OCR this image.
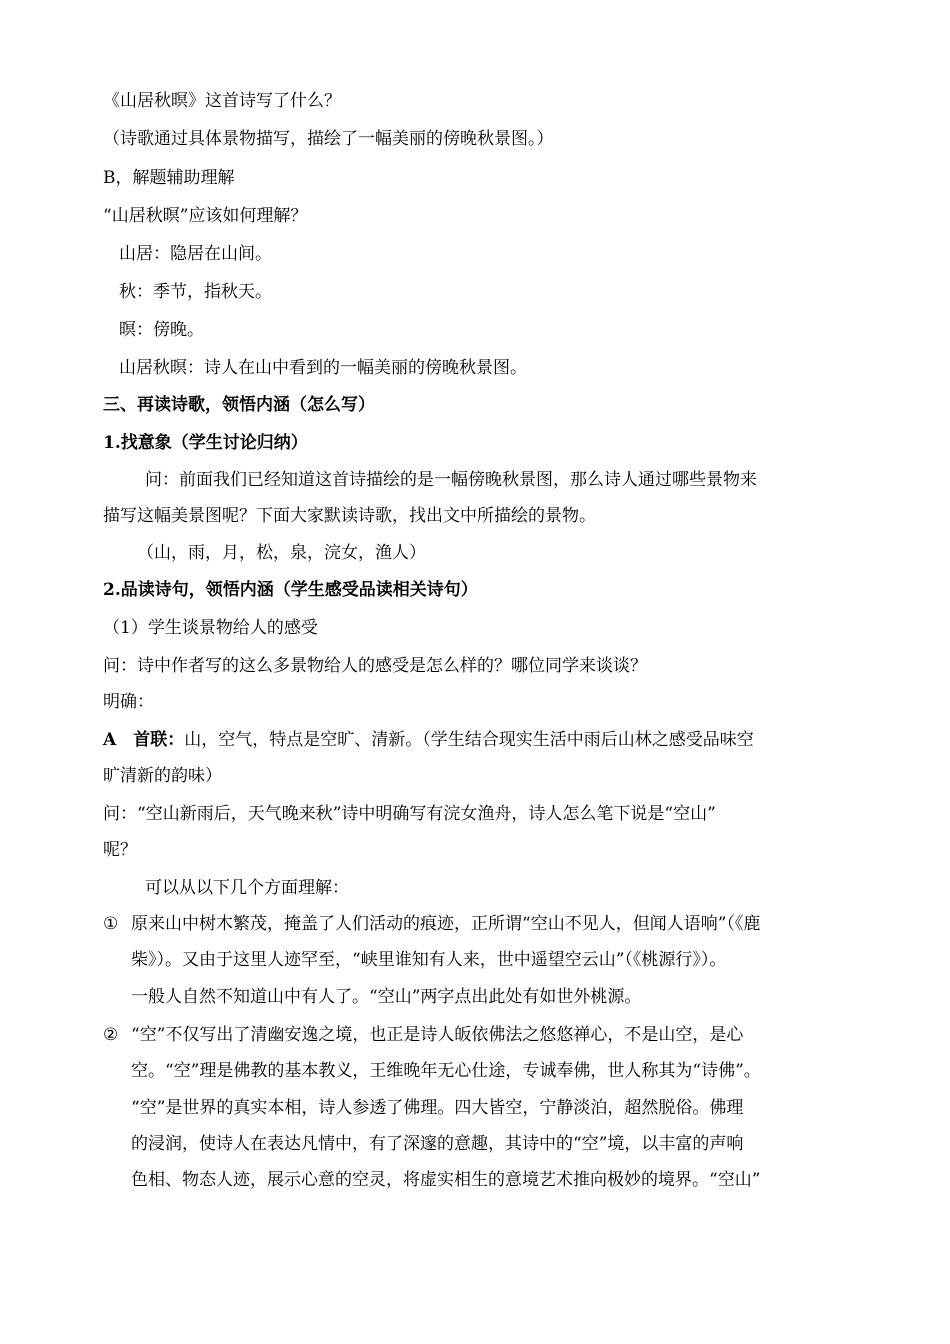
《山居秋暝》这首诗写了什么？
（诗歌通过具体景物描写，描绘了一幅美丽的傍晚秋景图。）
B，解题辅助理解
“山居秋暝”应该如何理解？
山居：隐居在山间。
秋：季节，指秋天。
暝：傍晚。
山居秋暝：诗人在山中看到的一幅美丽的傍晚秋景图。
三、再读诗歌，领悟内涵（怎么写）
1.找意象（学生讨论归纳）
问：前面我们已经知道这首诗描绘的是一幅傍晚秋景图，那么诗人通过哪些景物来
描写这幅美景图呢？下面大家默读诗歌，找出文中所描绘的景物。
（山，雨，月，松，泉，浣女，渔人）
2.品读诗句，领悟内涵（学生感受品读相关诗句）
（1）学生谈景物给人的感受
问：诗中作者写的这么多景物给人的感受是怎么样的？哪位同学来谈谈？
明确：
A　首联：山，空气，特点是空旷、清新。（学生结合现实生活中雨后山林之感受品味空
旷清新的韵味）
问：“空山新雨后，天气晚来秋”诗中明确写有浣女渔舟，诗人怎么笔下说是“空山”
呢？
可以从以下几个方面理解：
① 原来山中树木繁茂，掩盖了人们活动的痕迹，正所谓“空山不见人，但闻人语响”（《鹿
柴》）。又由于这里人迹罕至，“峡里谁知有人来，世中遥望空云山”（《桃源行》）。
一般人自然不知道山中有人了。“空山”两字点出此处有如世外桃源。
② “空”不仅写出了清幽安逸之境，也正是诗人皈依佛法之悠悠禅心，不是山空，是心
空。“空”理是佛教的基本教义，王维晚年无心仕途，专诚奉佛，世人称其为“诗佛”。
“空”是世界的真实本相，诗人参透了佛理。四大皆空，宁静淡泊，超然脱俗。佛理
的浸润，使诗人在表达凡情中，有了深邃的意趣，其诗中的“空”境，以丰富的声响
色相、物态人迹，展示心意的空灵，将虚实相生的意境艺术推向极妙的境界。“空山”
